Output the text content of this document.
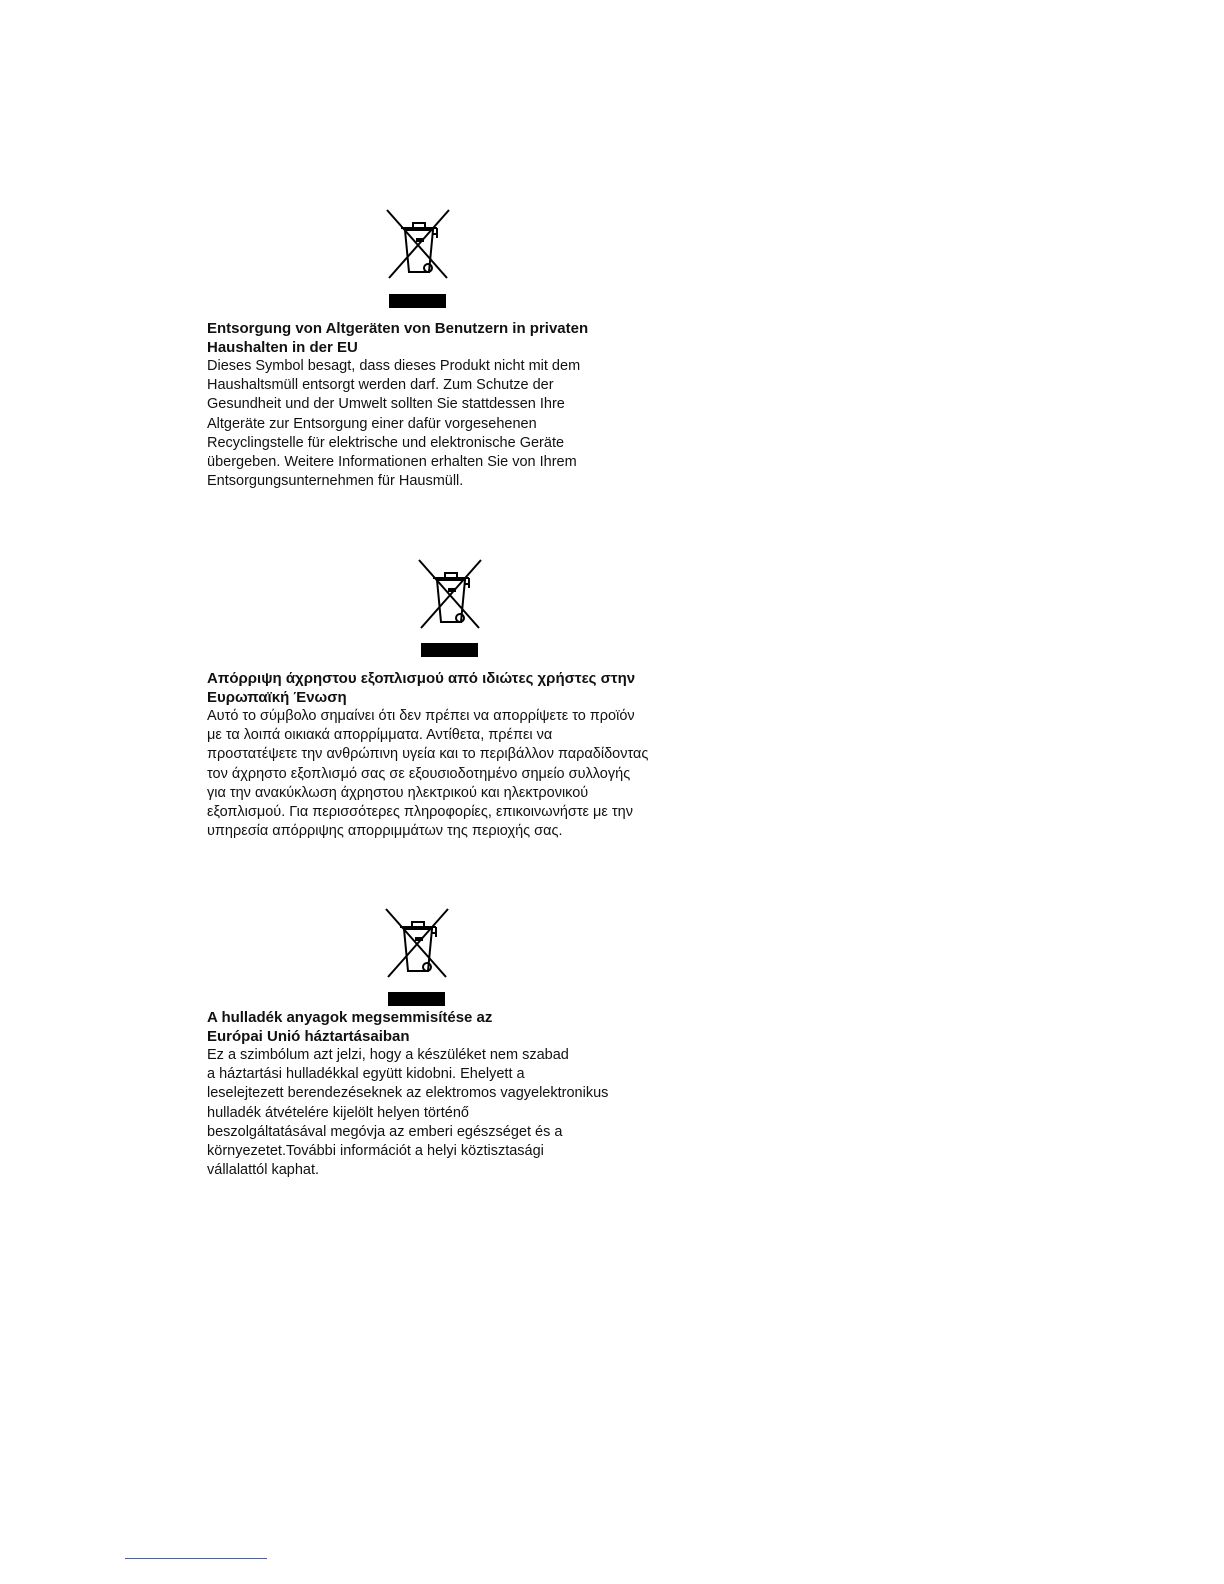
Entsorgung von Altgeräten von Benutzern in privaten
Haushalten in der EU
Dieses Symbol besagt, dass dieses Produkt nicht mit dem
Haushaltsmüll entsorgt werden darf. Zum Schutze der
Gesundheit und der Umwelt sollten Sie stattdessen Ihre
Altgeräte zur Entsorgung einer dafür vorgesehenen
Recyclingstelle für elektrische und elektronische Geräte
übergeben. Weitere Informationen erhalten Sie von Ihrem
Entsorgungsunternehmen für Hausmüll.
Απόρριψη άχρηστου εξοπλισμού από ιδιώτες χρήστες στην
Ευρωπαϊκή Ένωση
Αυτό το σύμβολο σημαίνει ότι δεν πρέπει να απορρίψετε το προϊόν
με τα λοιπά οικιακά απορρίμματα. Αντίθετα, πρέπει να
προστατέψετε την ανθρώπινη υγεία και το περιβάλλον παραδίδοντας
τον άχρηστο εξοπλισμό σας σε εξουσιοδοτημένο σημείο συλλογής
για την ανακύκλωση άχρηστου ηλεκτρικού και ηλεκτρονικού
εξοπλισμού. Για περισσότερες πληροφορίες, επικοινωνήστε με την
υπηρεσία απόρριψης απορριμμάτων της περιοχής σας.
A hulladék anyagok megsemmisítése az
Európai Unió háztartásaiban
Ez a szimbólum azt jelzi, hogy a készüléket nem szabad
a háztartási hulladékkal együtt kidobni. Ehelyett a
leselejtezett berendezéseknek az elektromos vagyelektronikus
hulladék átvételére kijelölt helyen történő
beszolgáltatásával megóvja az emberi egészséget és a
környezetet.További információt a helyi köztisztasági
vállalattól kaphat.
